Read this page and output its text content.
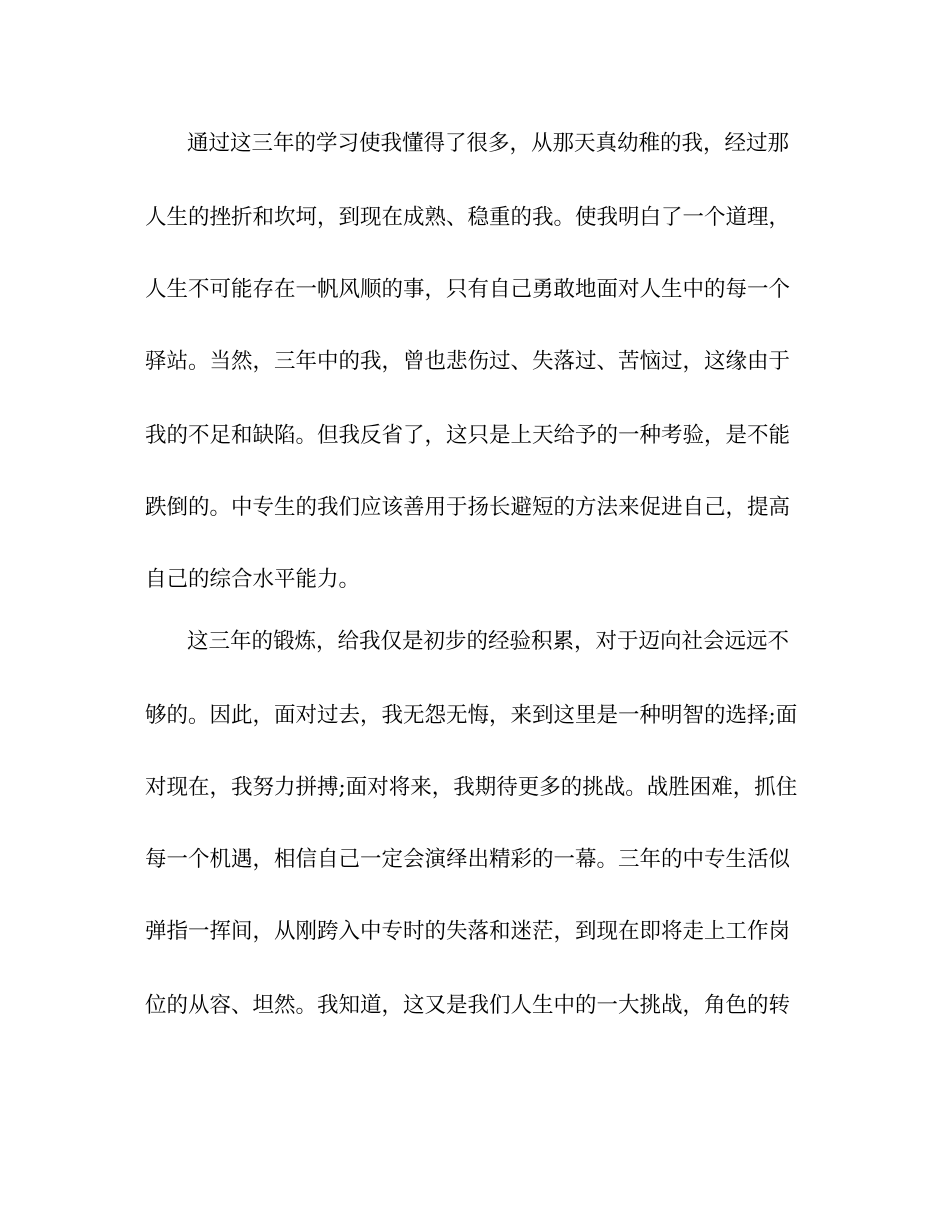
通过这三年的学习使我懂得了很多，从那天真幼稚的我，经过那
人生的挫折和坎坷，到现在成熟、稳重的我。使我明白了一个道理，
人生不可能存在一帆风顺的事，只有自己勇敢地面对人生中的每一个
驿站。当然，三年中的我，曾也悲伤过、失落过、苦恼过，这缘由于
我的不足和缺陷。但我反省了，这只是上天给予的一种考验，是不能
跌倒的。中专生的我们应该善用于扬长避短的方法来促进自己，提高
自己的综合水平能力。
这三年的锻炼，给我仅是初步的经验积累，对于迈向社会远远不
够的。因此，面对过去，我无怨无悔，来到这里是一种明智的选择;面
对现在，我努力拼搏;面对将来，我期待更多的挑战。战胜困难，抓住
每一个机遇，相信自己一定会演绎出精彩的一幕。三年的中专生活似
弹指一挥间，从刚跨入中专时的失落和迷茫，到现在即将走上工作岗
位的从容、坦然。我知道，这又是我们人生中的一大挑战，角色的转
